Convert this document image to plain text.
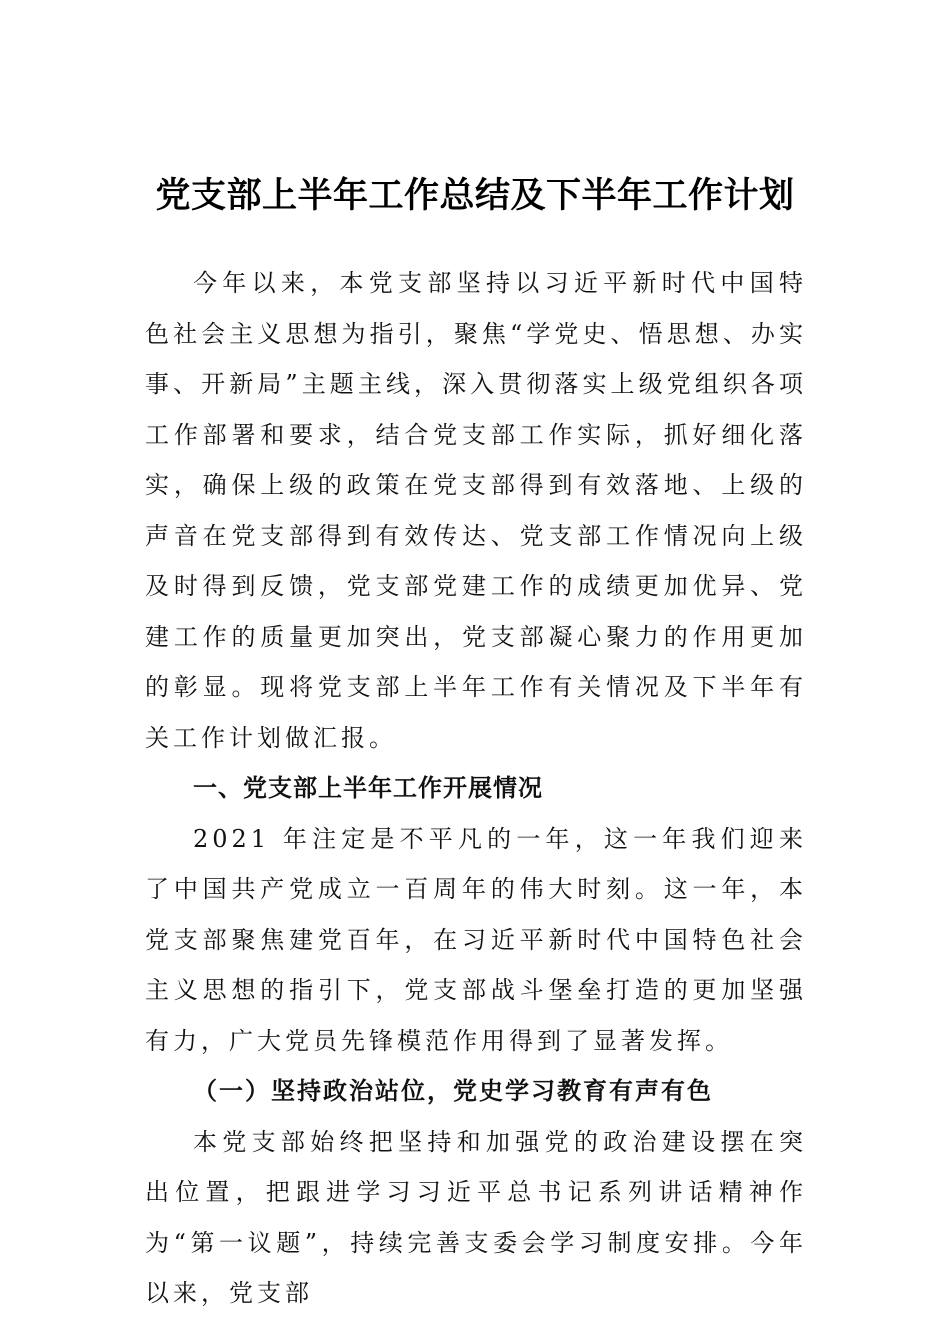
党支部上半年工作总结及下半年工作计划

今年以来，本党支部坚持以习近平新时代中国特色社会主义思想为指引，聚焦“学党史、悟思想、办实事、开新局”主题主线，深入贯彻落实上级党组织各项工作部署和要求，结合党支部工作实际，抓好细化落实，确保上级的政策在党支部得到有效落地、上级的声音在党支部得到有效传达、党支部工作情况向上级及时得到反馈，党支部党建工作的成绩更加优异、党建工作的质量更加突出，党支部凝心聚力的作用更加的彰显。现将党支部上半年工作有关情况及下半年有关工作计划做汇报。

一、党支部上半年工作开展情况

2021 年注定是不平凡的一年，这一年我们迎来了中国共产党成立一百周年的伟大时刻。这一年，本党支部聚焦建党百年，在习近平新时代中国特色社会主义思想的指引下，党支部战斗堡垒打造的更加坚强有力，广大党员先锋模范作用得到了显著发挥。

（一）坚持政治站位，党史学习教育有声有色

本党支部始终把坚持和加强党的政治建设摆在突出位置，把跟进学习习近平总书记系列讲话精神作为“第一议题”，持续完善支委会学习制度安排。今年以来，党支部
